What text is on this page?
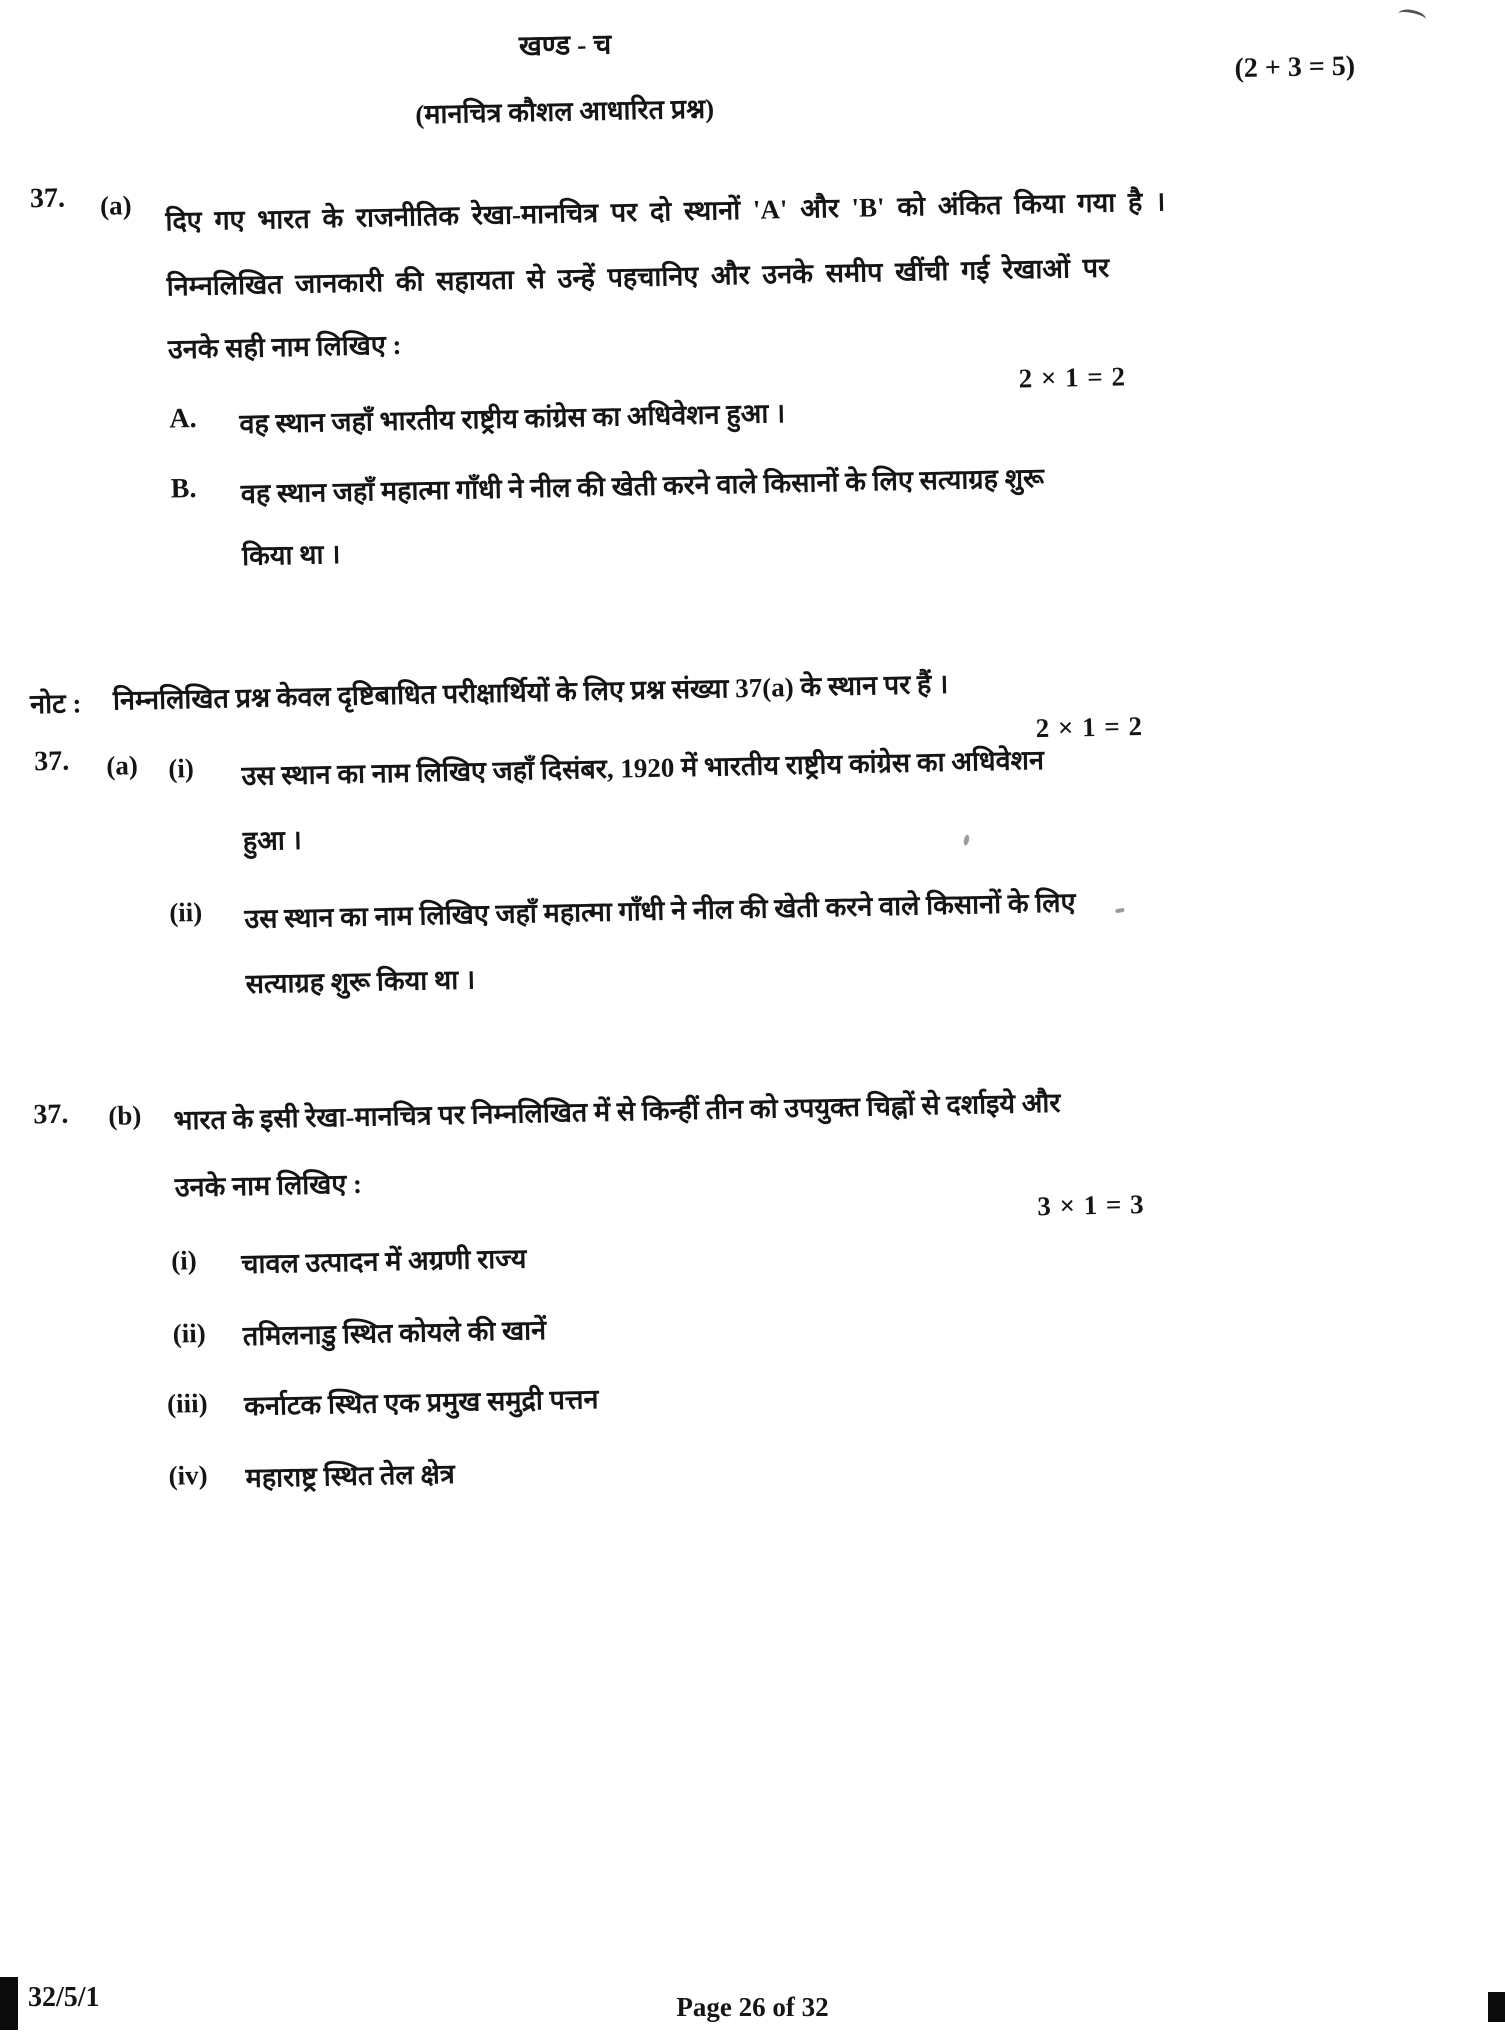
खण्ड - च
(2 + 3 = 5)
(मानचित्र कौशल आधारित प्रश्न)
37. (a) दिए गए भारत के राजनीतिक रेखा-मानचित्र पर दो स्थानों 'A' और 'B' को अंकित किया गया है ।
निम्नलिखित जानकारी की सहायता से उन्हें पहचानिए और उनके समीप खींची गई रेखाओं पर
उनके सही नाम लिखिए :
2 × 1 = 2
A. वह स्थान जहाँ भारतीय राष्ट्रीय कांग्रेस का अधिवेशन हुआ ।
B. वह स्थान जहाँ महात्मा गाँधी ने नील की खेती करने वाले किसानों के लिए सत्याग्रह शुरू
किया था ।
नोट : निम्नलिखित प्रश्न केवल दृष्टिबाधित परीक्षार्थियों के लिए प्रश्न संख्या 37(a) के स्थान पर हैं ।
2 × 1 = 2
37. (a) (i) उस स्थान का नाम लिखिए जहाँ दिसंबर, 1920 में भारतीय राष्ट्रीय कांग्रेस का अधिवेशन
हुआ ।
(ii) उस स्थान का नाम लिखिए जहाँ महात्मा गाँधी ने नील की खेती करने वाले किसानों के लिए
सत्याग्रह शुरू किया था ।
37. (b) भारत के इसी रेखा-मानचित्र पर निम्नलिखित में से किन्हीं तीन को उपयुक्त चिह्नों से दर्शाइये और
उनके नाम लिखिए :
3 × 1 = 3
(i) चावल उत्पादन में अग्रणी राज्य
(ii) तमिलनाडु स्थित कोयले की खानें
(iii) कर्नाटक स्थित एक प्रमुख समुद्री पत्तन
(iv) महाराष्ट्र स्थित तेल क्षेत्र
32/5/1	Page 26 of 32
